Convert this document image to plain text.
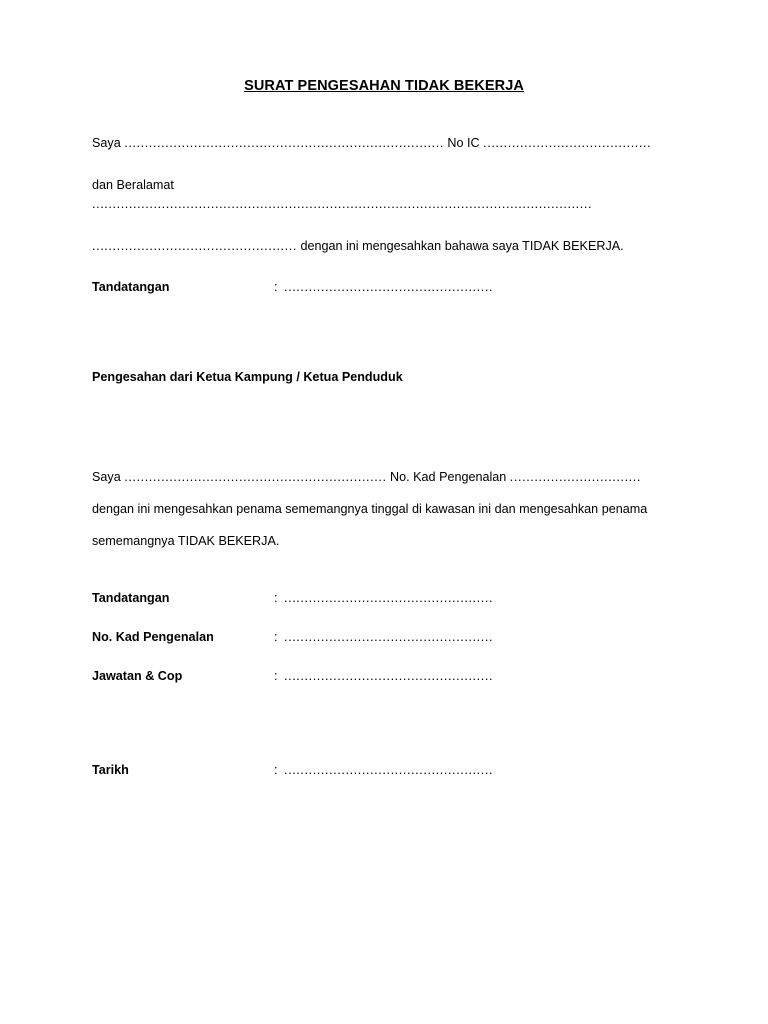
SURAT PENGESAHAN TIDAK BEKERJA
Saya .............................................................................. No IC .........................................
dan Beralamat ..........................................................................................................................
.................................................. dengan ini mengesahkan bahawa saya TIDAK BEKERJA.
Tandatangan	: ...................................................
Pengesahan dari Ketua Kampung / Ketua Penduduk
Saya ................................................................ No. Kad Pengenalan ................................
dengan ini mengesahkan penama sememangnya tinggal di kawasan ini dan mengesahkan penama
sememangnya TIDAK BEKERJA.
Tandatangan	: ...................................................
No. Kad Pengenalan	: ...................................................
Jawatan & Cop	: ...................................................
Tarikh	: ...................................................
